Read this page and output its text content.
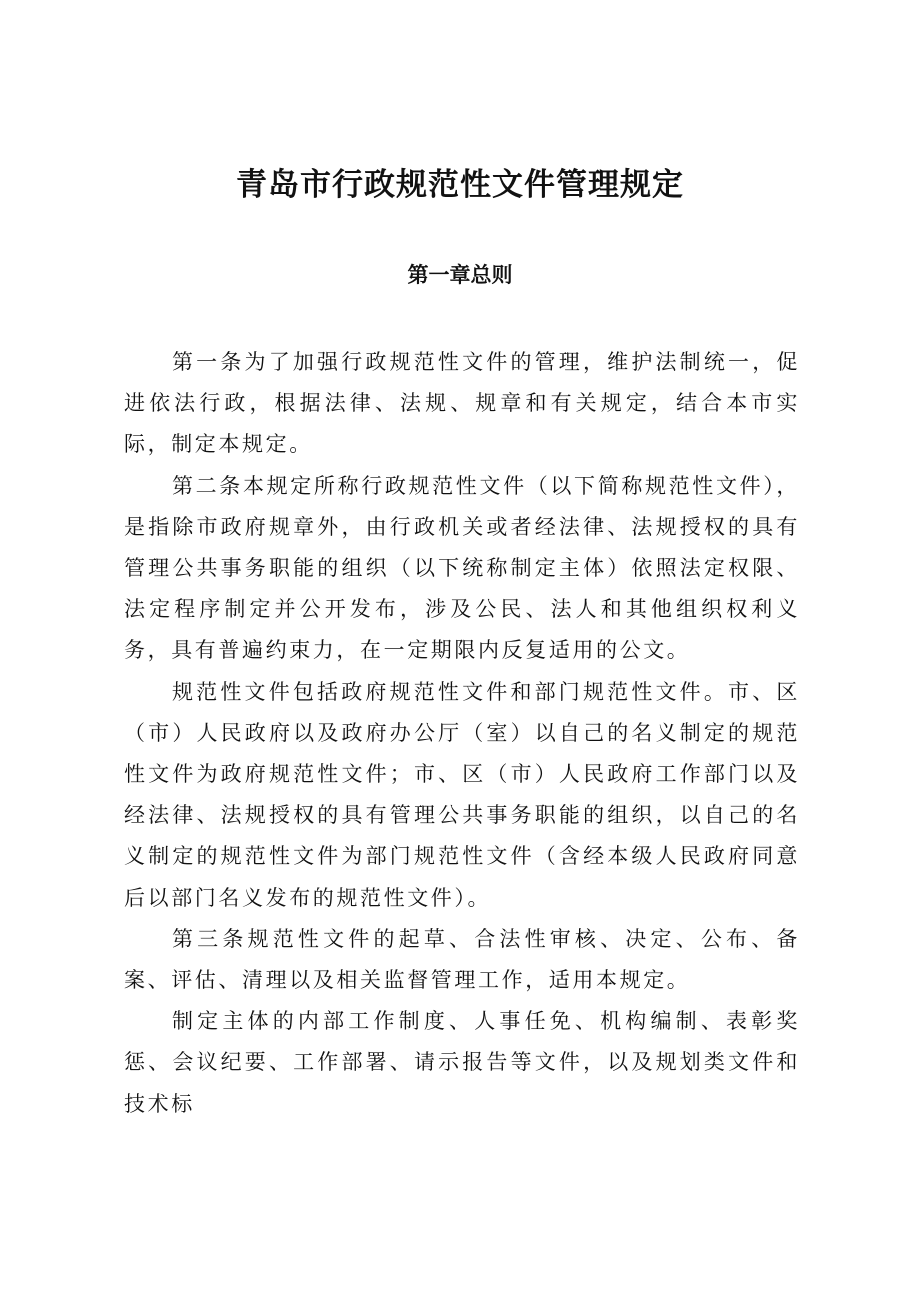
青岛市行政规范性文件管理规定
第一章总则

第一条为了加强行政规范性文件的管理，维护法制统一，促进依法行政，根据法律、法规、规章和有关规定，结合本市实际，制定本规定。

第二条本规定所称行政规范性文件（以下简称规范性文件），是指除市政府规章外，由行政机关或者经法律、法规授权的具有管理公共事务职能的组织（以下统称制定主体）依照法定权限、法定程序制定并公开发布，涉及公民、法人和其他组织权利义务，具有普遍约束力，在一定期限内反复适用的公文。

规范性文件包括政府规范性文件和部门规范性文件。市、区（市）人民政府以及政府办公厅（室）以自己的名义制定的规范性文件为政府规范性文件；市、区（市）人民政府工作部门以及经法律、法规授权的具有管理公共事务职能的组织，以自己的名义制定的规范性文件为部门规范性文件（含经本级人民政府同意后以部门名义发布的规范性文件）。

第三条规范性文件的起草、合法性审核、决定、公布、备案、评估、清理以及相关监督管理工作，适用本规定。

制定主体的内部工作制度、人事任免、机构编制、表彰奖惩、会议纪要、工作部署、请示报告等文件，以及规划类文件和技术标
